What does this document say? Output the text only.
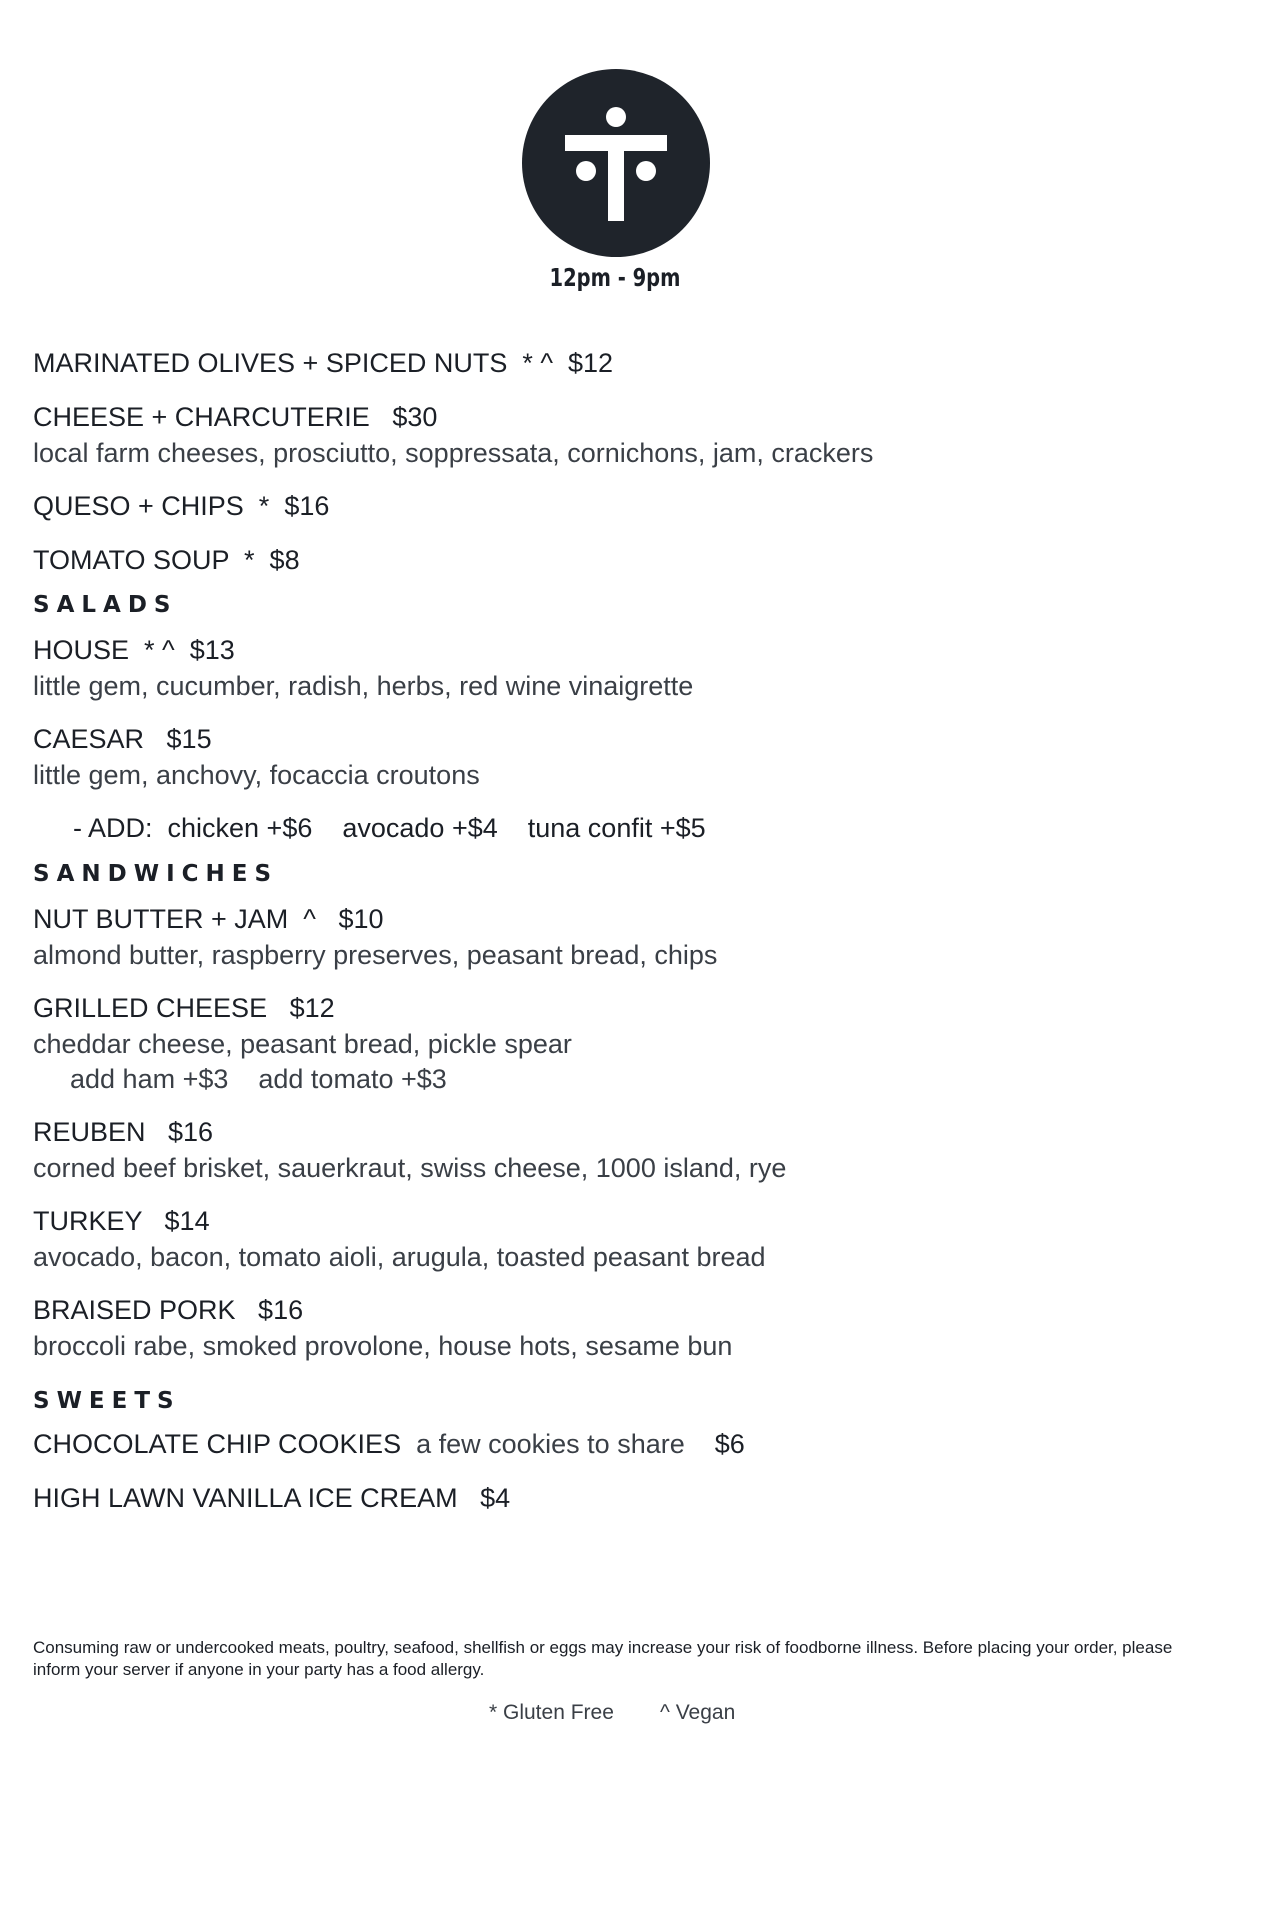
12pm - 9pm
MARINATED OLIVES + SPICED NUTS  * ^  $12
CHEESE + CHARCUTERIE   $30
local farm cheeses, prosciutto, soppressata, cornichons, jam, crackers
QUESO + CHIPS  *  $16
TOMATO SOUP  *  $8
SALADS
HOUSE  * ^  $13
little gem, cucumber, radish, herbs, red wine vinaigrette
CAESAR   $15
little gem, anchovy, focaccia croutons
- ADD:  chicken +$6    avocado +$4    tuna confit +$5
SANDWICHES
NUT BUTTER + JAM  ^   $10
almond butter, raspberry preserves, peasant bread, chips
GRILLED CHEESE   $12
cheddar cheese, peasant bread, pickle spear
add ham +$3    add tomato +$3
REUBEN   $16
corned beef brisket, sauerkraut, swiss cheese, 1000 island, rye
TURKEY   $14
avocado, bacon, tomato aioli, arugula, toasted peasant bread
BRAISED PORK   $16
broccoli rabe, smoked provolone, house hots, sesame bun
SWEETS
CHOCOLATE CHIP COOKIES a few cookies to share $6
HIGH LAWN VANILLA ICE CREAM   $4
Consuming raw or undercooked meats, poultry, seafood, shellfish or eggs may increase your risk of foodborne illness. Before placing your order, please inform your server if anyone in your party has a food allergy.
* Gluten Free ^ Vegan
